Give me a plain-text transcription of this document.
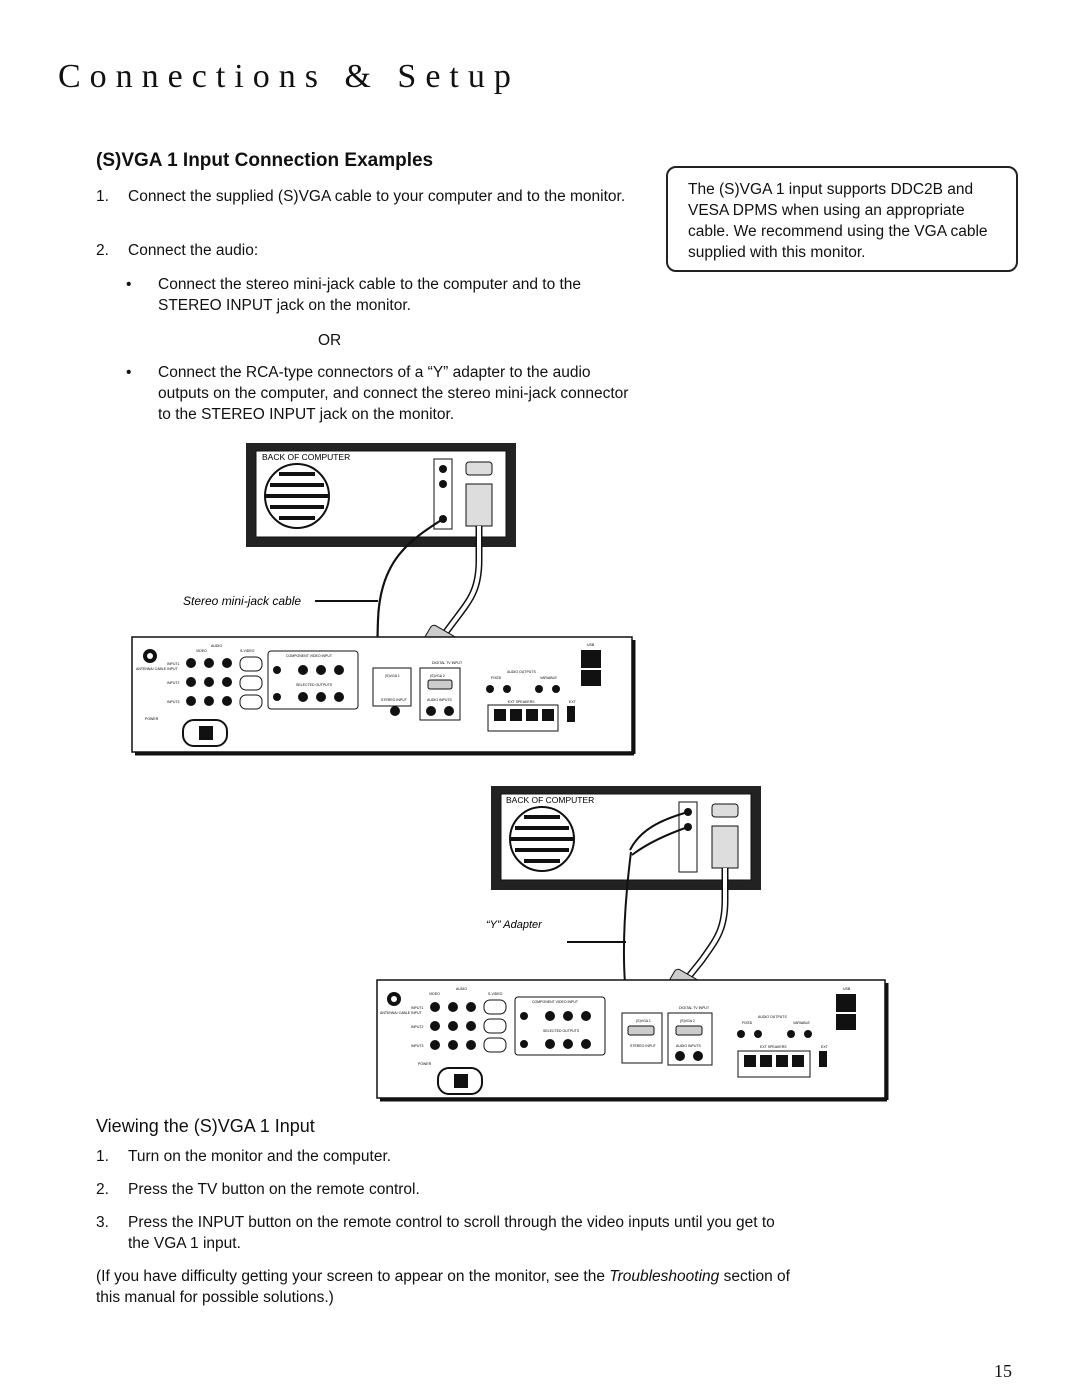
Connections & Setup
(S)VGA 1 Input Connection Examples
1. Connect the supplied (S)VGA cable to your computer and to the monitor.
2. Connect the audio:
• Connect the stereo mini-jack cable to the computer and to the STEREO INPUT jack on the monitor.
OR
• Connect the RCA-type connectors of a “Y” adapter to the audio outputs on the computer, and connect the stereo mini-jack connector to the STEREO INPUT jack on the monitor.
The (S)VGA 1 input supports DDC2B and VESA DPMS when using an appropriate cable. We recommend using the VGA cable supplied with this monitor.
BACK OF COMPUTER
ANTENNA/ CABLE INPUT
VIDEO
AUDIO
S-VIDEO
INPUT1
INPUT2
INPUT3
COMPONENT VIDEO INPUT
SELECTED OUTPUTS
POWER
(S)VGA 1
STEREO INPUT
DIGITAL TV INPUT
(S)VGA 2
AUDIO INPUTS
AUDIO OUTPUTS
FIXED	VARIABLE
EXT SPEAKERS	EXT
USB
Stereo mini-jack cable
BACK OF COMPUTER
ANTENNA/ CABLE INPUT
VIDEO
AUDIO
S-VIDEO
INPUT1
INPUT2
INPUT3
COMPONENT VIDEO INPUT
SELECTED OUTPUTS
POWER
(S)VGA 1
STEREO INPUT
DIGITAL TV INPUT
(S)VGA 2
AUDIO INPUTS
AUDIO OUTPUTS
FIXED	VARIABLE
EXT SPEAKERS	EXT
USB
“Y” Adapter
Viewing the (S)VGA 1 Input
1. Turn on the monitor and the computer.
2. Press the TV button on the remote control.
3. Press the INPUT button on the remote control to scroll through the video inputs until you get to the VGA 1 input.
(If you have difficulty getting your screen to appear on the monitor, see the Troubleshooting section of this manual for possible solutions.)
15
